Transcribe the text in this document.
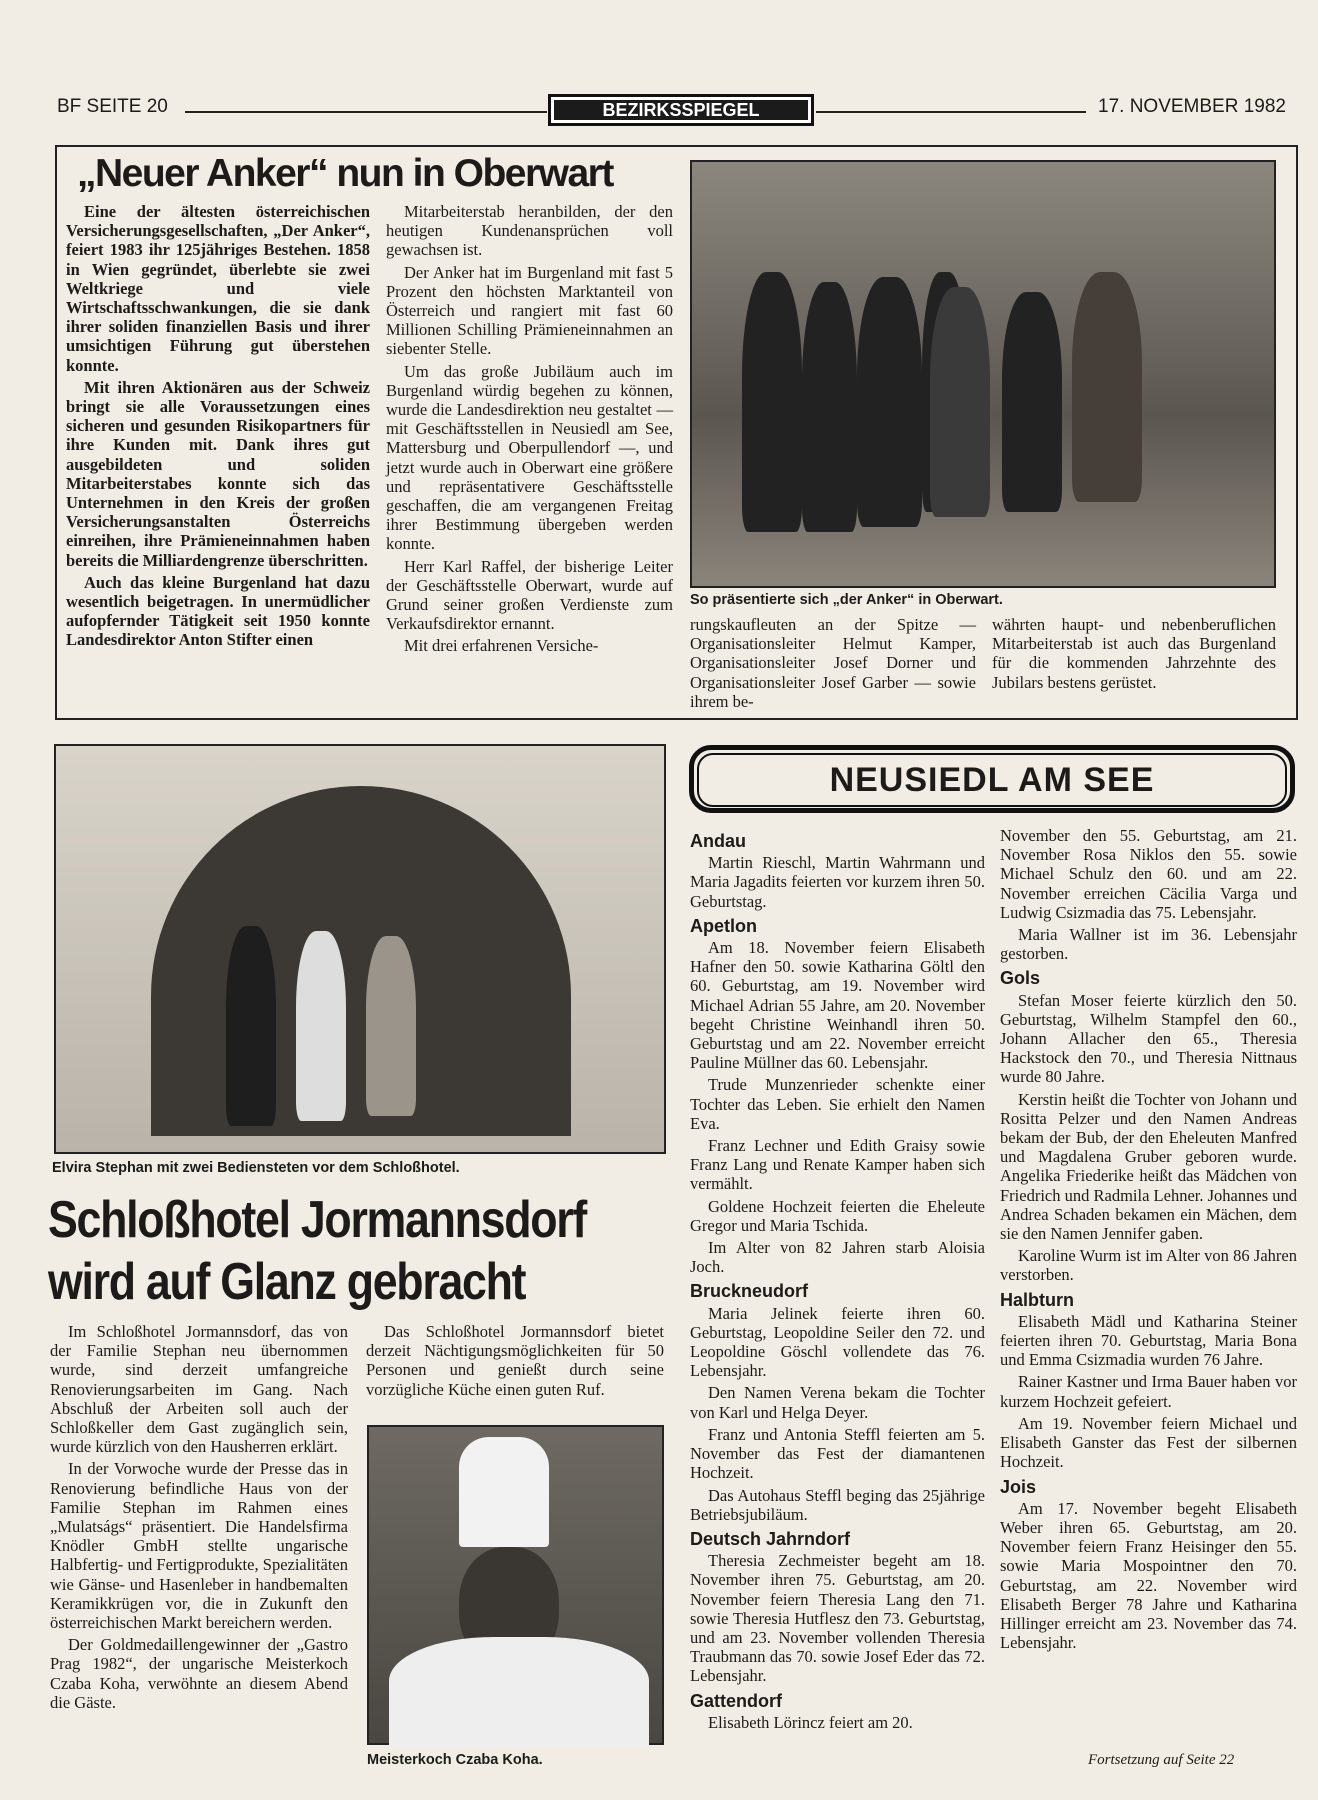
BF SEITE 20	BEZIRKSSPIEGEL	17. NOVEMBER 1982
„Neuer Anker“ nun in Oberwart

Eine der ältesten österreichischen Versicherungsgesellschaften, „Der Anker“, feiert 1983 ihr 125jähriges Bestehen. 1858 in Wien gegründet, überlebte sie zwei Weltkriege und viele Wirtschaftsschwankungen, die sie dank ihrer soliden finanziellen Basis und ihrer umsichtigen Führung gut überstehen konnte.

Mit ihren Aktionären aus der Schweiz bringt sie alle Voraussetzungen eines sicheren und gesunden Risikopartners für ihre Kunden mit. Dank ihres gut ausgebildeten und soliden Mitarbeiterstabes konnte sich das Unternehmen in den Kreis der großen Versicherungsanstalten Österreichs einreihen, ihre Prämieneinnahmen haben bereits die Milliardengrenze überschritten.

Auch das kleine Burgenland hat dazu wesentlich beigetragen. In unermüdlicher aufopfernder Tätigkeit seit 1950 konnte Landesdirektor Anton Stifter einen

Mitarbeiterstab heranbilden, der den heutigen Kundenansprüchen voll gewachsen ist.

Der Anker hat im Burgenland mit fast 5 Prozent den höchsten Marktanteil von Österreich und rangiert mit fast 60 Millionen Schilling Prämieneinnahmen an siebenter Stelle.

Um das große Jubiläum auch im Burgenland würdig begehen zu können, wurde die Landesdirektion neu gestaltet — mit Geschäftsstellen in Neusiedl am See, Mattersburg und Oberpullendorf —, und jetzt wurde auch in Oberwart eine größere und repräsentativere Geschäftsstelle geschaffen, die am vergangenen Freitag ihrer Bestimmung übergeben werden konnte.

Herr Karl Raffel, der bisherige Leiter der Geschäftsstelle Oberwart, wurde auf Grund seiner großen Verdienste zum Verkaufsdirektor ernannt.

Mit drei erfahrenen Versiche-

So präsentierte sich „der Anker“ in Oberwart.

rungskaufleuten an der Spitze — Organisationsleiter Helmut Kamper, Organisationsleiter Josef Dorner und Organisationsleiter Josef Garber — sowie ihrem be-

währten haupt- und nebenberuflichen Mitarbeiterstab ist auch das Burgenland für die kommenden Jahrzehnte des Jubilars bestens gerüstet.

Elvira Stephan mit zwei Bediensteten vor dem Schloßhotel.
Schloßhotel Jormannsdorf
wird auf Glanz gebracht

Im Schloßhotel Jormannsdorf, das von der Familie Stephan neu übernommen wurde, sind derzeit umfangreiche Renovierungsarbeiten im Gang. Nach Abschluß der Arbeiten soll auch der Schloßkeller dem Gast zugänglich sein, wurde kürzlich von den Hausherren erklärt.

In der Vorwoche wurde der Presse das in Renovierung befindliche Haus von der Familie Stephan im Rahmen eines „Mulatságs“ präsentiert. Die Handelsfirma Knödler GmbH stellte ungarische Halbfertig- und Fertigprodukte, Spezialitäten wie Gänse- und Hasenleber in handbemalten Keramikkrügen vor, die in Zukunft den österreichischen Markt bereichern werden.

Der Goldmedaillengewinner der „Gastro Prag 1982“, der ungarische Meisterkoch Czaba Koha, verwöhnte an diesem Abend die Gäste.

Das Schloßhotel Jormannsdorf bietet derzeit Nächtigungsmöglichkeiten für 50 Personen und genießt durch seine vorzügliche Küche einen guten Ruf.

Meisterkoch Czaba Koha.
NEUSIEDL AM SEE
Andau

Martin Rieschl, Martin Wahrmann und Maria Jagadits feierten vor kurzem ihren 50. Geburtstag.

Apetlon

Am 18. November feiern Elisabeth Hafner den 50. sowie Katharina Göltl den 60. Geburtstag, am 19. November wird Michael Adrian 55 Jahre, am 20. November begeht Christine Weinhandl ihren 50. Geburtstag und am 22. November erreicht Pauline Müllner das 60. Lebensjahr.

Trude Munzenrieder schenkte einer Tochter das Leben. Sie erhielt den Namen Eva.

Franz Lechner und Edith Graisy sowie Franz Lang und Renate Kamper haben sich vermählt.

Goldene Hochzeit feierten die Eheleute Gregor und Maria Tschida.

Im Alter von 82 Jahren starb Aloisia Joch.

Bruckneudorf

Maria Jelinek feierte ihren 60. Geburtstag, Leopoldine Seiler den 72. und Leopoldine Göschl vollendete das 76. Lebensjahr.

Den Namen Verena bekam die Tochter von Karl und Helga Deyer.

Franz und Antonia Steffl feierten am 5. November das Fest der diamantenen Hochzeit.

Das Autohaus Steffl beging das 25jährige Betriebsjubiläum.

Deutsch Jahrndorf

Theresia Zechmeister begeht am 18. November ihren 75. Geburtstag, am 20. November feiern Theresia Lang den 71. sowie Theresia Hutflesz den 73. Geburtstag, und am 23. November vollenden Theresia Traubmann das 70. sowie Josef Eder das 72. Lebensjahr.

Gattendorf

Elisabeth Lörincz feiert am 20.

November den 55. Geburtstag, am 21. November Rosa Niklos den 55. sowie Michael Schulz den 60. und am 22. November erreichen Cäcilia Varga und Ludwig Csizmadia das 75. Lebensjahr.

Maria Wallner ist im 36. Lebensjahr gestorben.

Gols

Stefan Moser feierte kürzlich den 50. Geburtstag, Wilhelm Stampfel den 60., Johann Allacher den 65., Theresia Hackstock den 70., und Theresia Nittnaus wurde 80 Jahre.

Kerstin heißt die Tochter von Johann und Rositta Pelzer und den Namen Andreas bekam der Bub, der den Eheleuten Manfred und Magdalena Gruber geboren wurde. Angelika Friederike heißt das Mädchen von Friedrich und Radmila Lehner. Johannes und Andrea Schaden bekamen ein Mächen, dem sie den Namen Jennifer gaben.

Karoline Wurm ist im Alter von 86 Jahren verstorben.

Halbturn

Elisabeth Mädl und Katharina Steiner feierten ihren 70. Geburtstag, Maria Bona und Emma Csizmadia wurden 76 Jahre.

Rainer Kastner und Irma Bauer haben vor kurzem Hochzeit gefeiert.

Am 19. November feiern Michael und Elisabeth Ganster das Fest der silbernen Hochzeit.

Jois

Am 17. November begeht Elisabeth Weber ihren 65. Geburtstag, am 20. November feiern Franz Heisinger den 55. sowie Maria Mospointner den 70. Geburtstag, am 22. November wird Elisabeth Berger 78 Jahre und Katharina Hillinger erreicht am 23. November das 74. Lebensjahr.

Fortsetzung auf Seite 22
